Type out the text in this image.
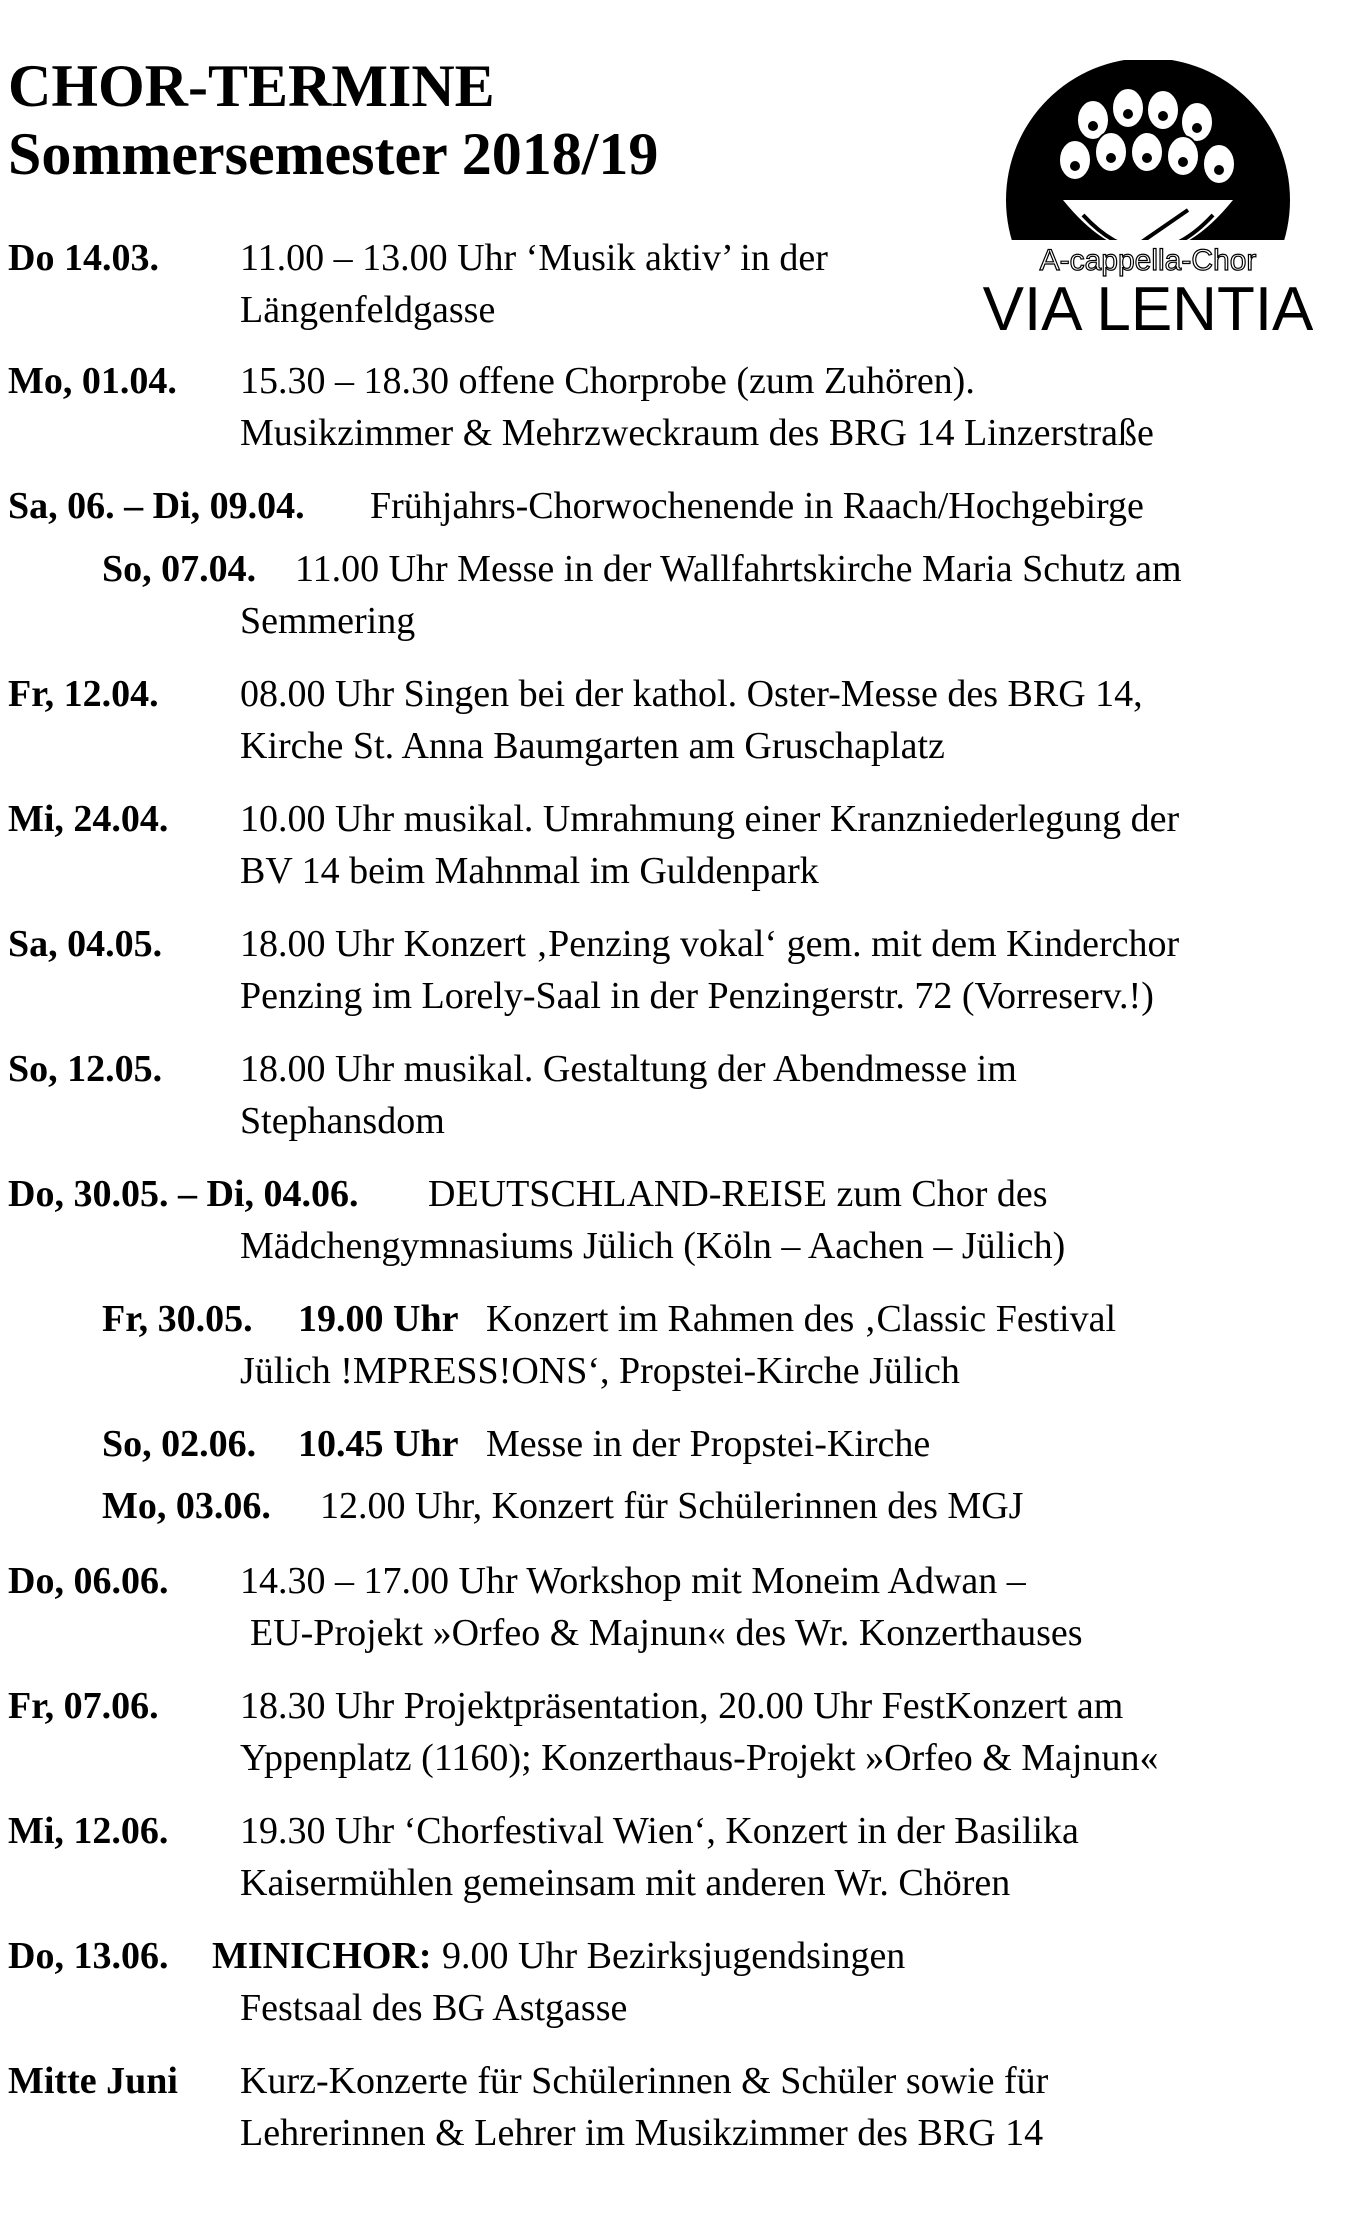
CHOR-TERMINE
Sommersemester 2018/19
A-cappella-Chor
VIA LENTIA
Do 14.03. 11.00 – 13.00 Uhr ‘Musik aktiv’ in der
Längenfeldgasse
Mo, 01.04. 15.30 – 18.30 offene Chorprobe (zum Zuhören).
Musikzimmer & Mehrzweckraum des BRG 14 Linzerstraße
Sa, 06. – Di, 09.04. Frühjahrs-Chorwochenende in Raach/Hochgebirge
So, 07.04. 11.00 Uhr Messe in der Wallfahrtskirche Maria Schutz am
Semmering
Fr, 12.04. 08.00 Uhr Singen bei der kathol. Oster-Messe des BRG 14,
Kirche St. Anna Baumgarten am Gruschaplatz
Mi, 24.04. 10.00 Uhr musikal. Umrahmung einer Kranzniederlegung der
BV 14 beim Mahnmal im Guldenpark
Sa, 04.05. 18.00 Uhr Konzert ‚Penzing vokal‘ gem. mit dem Kinderchor
Penzing im Lorely-Saal in der Penzingerstr. 72 (Vorreserv.!)
So, 12.05. 18.00 Uhr musikal. Gestaltung der Abendmesse im
Stephansdom
Do, 30.05. – Di, 04.06. DEUTSCHLAND-REISE zum Chor des
Mädchengymnasiums Jülich (Köln – Aachen – Jülich)
Fr, 30.05. 19.00 Uhr Konzert im Rahmen des ‚Classic Festival
Jülich !MPRESS!ONS‘, Propstei-Kirche Jülich
So, 02.06. 10.45 Uhr Messe in der Propstei-Kirche
Mo, 03.06. 12.00 Uhr, Konzert für Schülerinnen des MGJ
Do, 06.06. 14.30 – 17.00 Uhr Workshop mit Moneim Adwan –
EU-Projekt »Orfeo & Majnun« des Wr. Konzerthauses
Fr, 07.06. 18.30 Uhr Projektpräsentation, 20.00 Uhr FestKonzert am
Yppenplatz (1160); Konzerthaus-Projekt »Orfeo & Majnun«
Mi, 12.06. 19.30 Uhr ‘Chorfestival Wien‘, Konzert in der Basilika
Kaisermühlen gemeinsam mit anderen Wr. Chören
Do, 13.06. MINICHOR: 9.00 Uhr Bezirksjugendsingen
Festsaal des BG Astgasse
Mitte Juni Kurz-Konzerte für Schülerinnen & Schüler sowie für
Lehrerinnen & Lehrer im Musikzimmer des BRG 14
